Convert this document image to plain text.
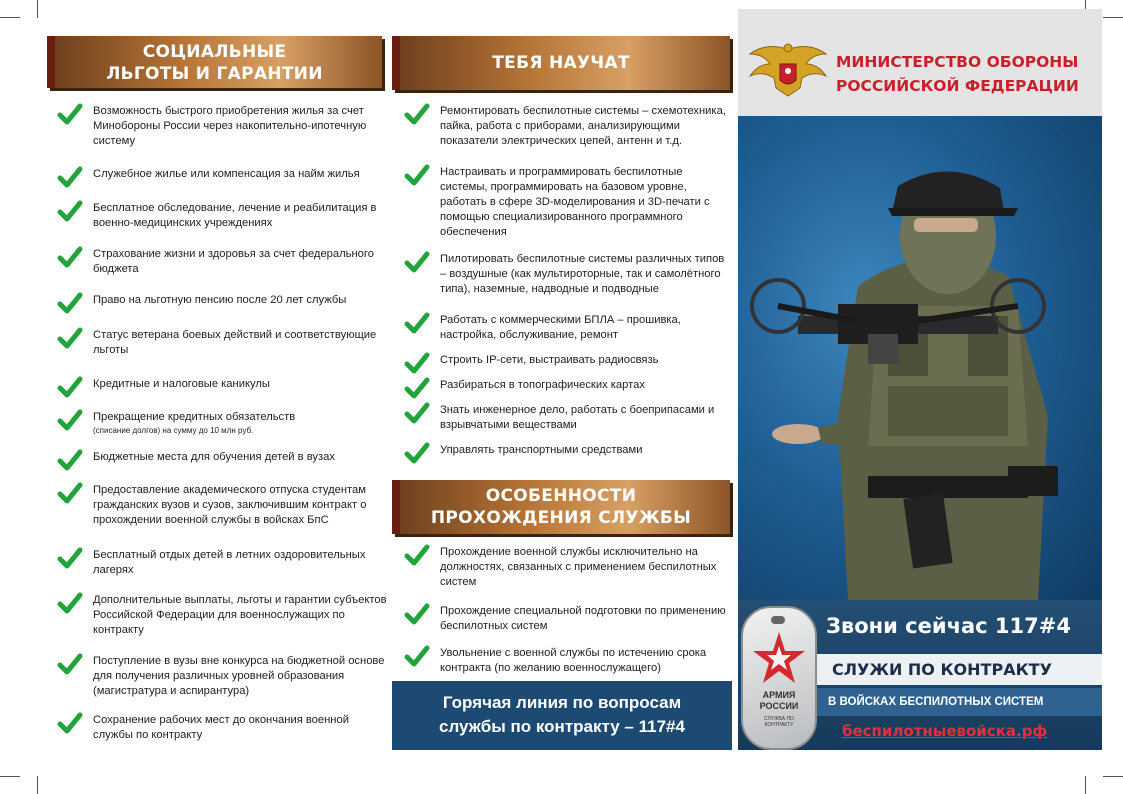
СОЦИАЛЬНЫЕ
ЛЬГОТЫ И ГАРАНТИИ
Возможность быстрого приобретения жилья за счет Минобороны России через накопительно-ипотечную систему
Служебное жилье или компенсация за найм жилья
Бесплатное обследование, лечение и реабилитация в военно-медицинских учреждениях
Страхование жизни и здоровья за счет федерального бюджета
Право на льготную пенсию после 20 лет службы
Статус ветерана боевых действий и соответствующие льготы
Кредитные и налоговые каникулы
Прекращение кредитных обязательств
(списание долгов) на сумму до 10 млн руб.
Бюджетные места для обучения детей в вузах
Предоставление академического отпуска студентам гражданских вузов и сузов, заключившим контракт о прохождении военной службы в войсках БпС
Бесплатный отдых детей в летних оздоровительных лагерях
Дополнительные выплаты, льготы и гарантии субъектов Российской Федерации для военнослужащих по контракту
Поступление в вузы вне конкурса на бюджетной основе для получения различных уровней образования (магистратура и аспирантура)
Сохранение рабочих мест до окончания военной службы по контракту
ТЕБЯ НАУЧАТ
Ремонтировать беспилотные системы – схемотехника, пайка, работа с приборами, анализирующими показатели электрических цепей, антенн и т.д.
Настраивать и программировать беспилотные системы, программировать на базовом уровне, работать в сфере 3D-моделирования и 3D-печати с помощью специализированного программного обеспечения
Пилотировать беспилотные системы различных типов – воздушные (как мультироторные, так и самолётного типа), наземные, надводные и подводные
Работать с коммерческими БПЛА – прошивка, настройка, обслуживание, ремонт
Строить IP-сети, выстраивать радиосвязь
Разбираться в топографических картах
Знать инженерное дело, работать с боеприпасами и взрывчатыми веществами
Управлять транспортными средствами
ОСОБЕННОСТИ
ПРОХОЖДЕНИЯ СЛУЖБЫ
Прохождение военной службы исключительно на должностях, связанных с применением беспилотных систем
Прохождение специальной подготовки по применению беспилотных систем
Увольнение с военной службы по истечению срока контракта (по желанию военнослужащего)
Горячая линия по вопросам службы по контракту – 117#4
МИНИСТЕРСТВО ОБОРОНЫ
РОССИЙСКОЙ ФЕДЕРАЦИИ
Звони сейчас 117#4
СЛУЖИ ПО КОНТРАКТУ
В ВОЙСКАХ БЕСПИЛОТНЫХ СИСТЕМ
беспилотныевойска.рф
АРМИЯ
РОССИИ
СЛУЖБА ПО КОНТРАКТУ
